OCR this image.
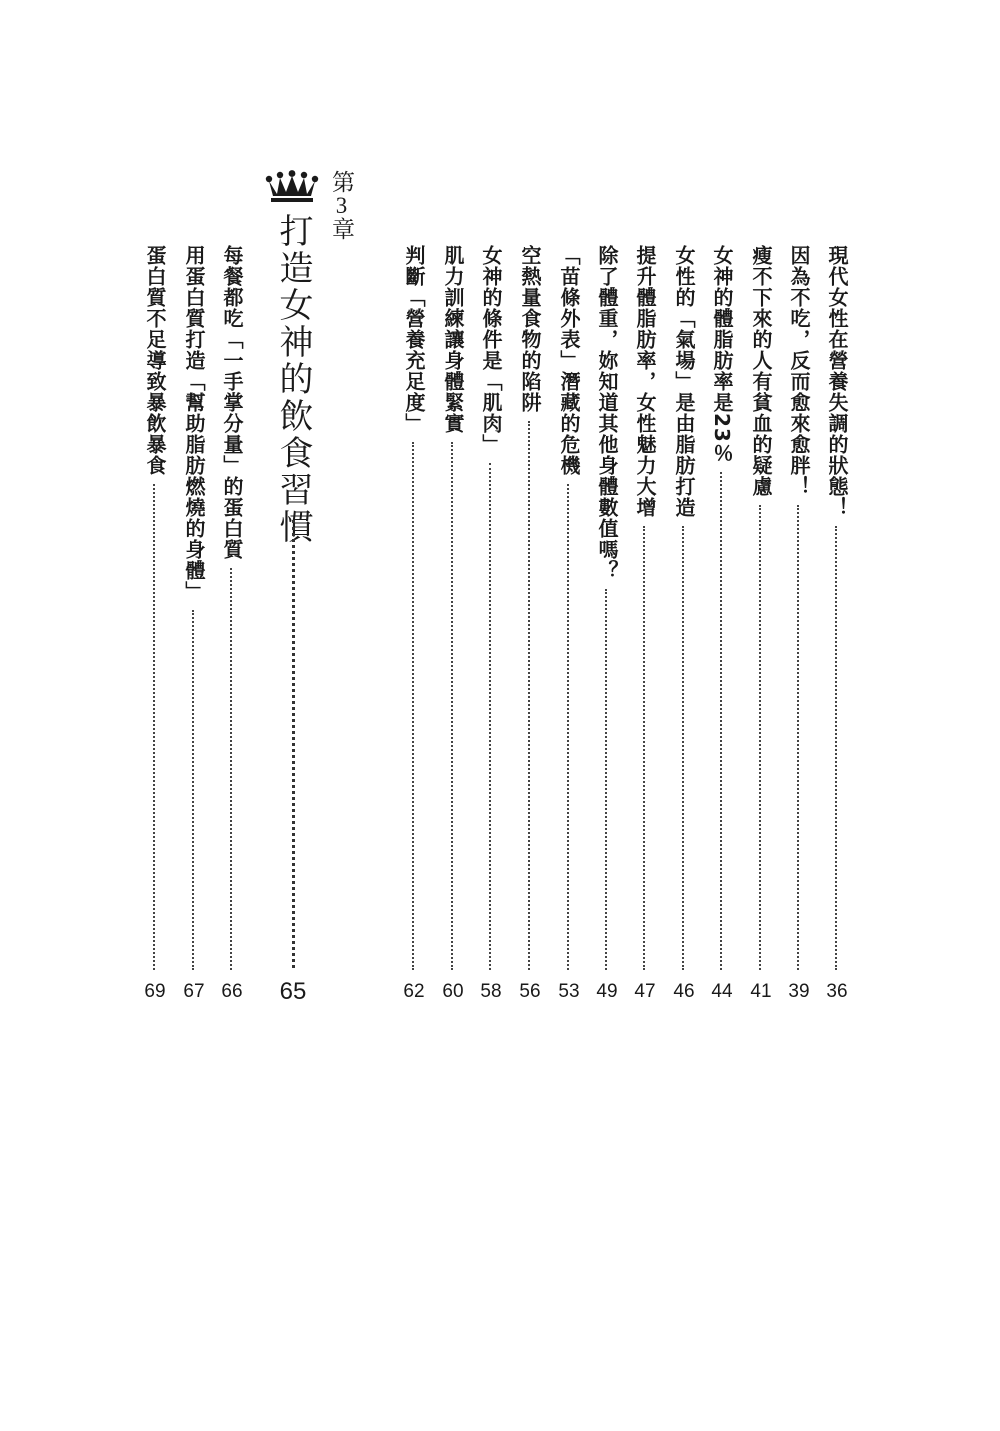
現代女性在營養失調的狀態！
36
因為不吃，反而愈來愈胖！
39
瘦不下來的人有貧血的疑慮
41
女神的體脂肪率是23％
44
女性的「氣場」是由脂肪打造
46
提升體脂肪率，女性魅力大增
47
除了體重，妳知道其他身體數值嗎？
49
「苗條外表」潛藏的危機
53
空熱量食物的陷阱
56
女神的條件是「肌肉」
58
肌力訓練讓身體緊實
60
判斷「營養充足度」
62
每餐都吃「一手掌分量」的蛋白質
66
用蛋白質打造「幫助脂肪燃燒的身體」
67
蛋白質不足導致暴飲暴食
69
第3章
打造女神的飲食習慣
65
